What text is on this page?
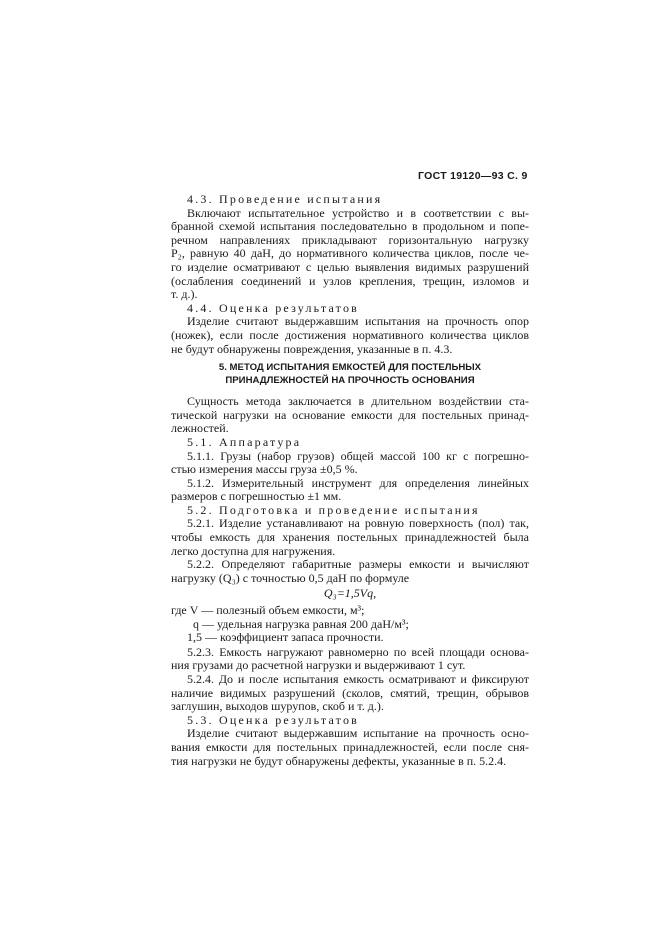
ГОСТ 19120—93 С. 9
4.3. Проведение испытания
Включают испытательное устройство и в соответствии с вы-
бранной схемой испытания последовательно в продольном и попе-
речном направлениях прикладывают горизонтальную нагрузку
P₂, равную 40 даН, до нормативного количества циклов, после че-
го изделие осматривают с целью выявления видимых разрушений
(ослабления соединений и узлов крепления, трещин, изломов и
т. д.).
4.4. Оценка результатов
Изделие считают выдержавшим испытания на прочность опор
(ножек), если после достижения нормативного количества циклов
не будут обнаружены повреждения, указанные в п. 4.3.
5. МЕТОД ИСПЫТАНИЯ ЕМКОСТЕЙ ДЛЯ ПОСТЕЛЬНЫХ
ПРИНАДЛЕЖНОСТЕЙ НА ПРОЧНОСТЬ ОСНОВАНИЯ
Сущность метода заключается в длительном воздействии ста-
тической нагрузки на основание емкости для постельных принад-
лежностей.
5.1. Аппаратура
5.1.1. Грузы (набор грузов) общей массой 100 кг с погрешно-
стью измерения массы груза ±0,5 %.
5.1.2. Измерительный инструмент для определения линейных
размеров с погрешностью ±1 мм.
5.2. Подготовка и проведение испытания
5.2.1. Изделие устанавливают на ровную поверхность (пол) так,
чтобы емкость для хранения постельных принадлежностей была
легко доступна для нагружения.
5.2.2. Определяют габаритные размеры емкости и вычисляют
нагрузку (Q₃) с точностью 0,5 даН по формуле
Q₃=1,5Vq,
где V — полезный объем емкости, м³;
q — удельная нагрузка равная 200 даН/м³;
1,5 — коэффициент запаса прочности.
5.2.3. Емкость нагружают равномерно по всей площади основа-
ния грузами до расчетной нагрузки и выдерживают 1 сут.
5.2.4. До и после испытания емкость осматривают и фиксируют
наличие видимых разрушений (сколов, смятий, трещин, обрывов
заглушин, выходов шурупов, скоб и т. д.).
5.3. Оценка результатов
Изделие считают выдержавшим испытание на прочность осно-
вания емкости для постельных принадлежностей, если после сня-
тия нагрузки не будут обнаружены дефекты, указанные в п. 5.2.4.
